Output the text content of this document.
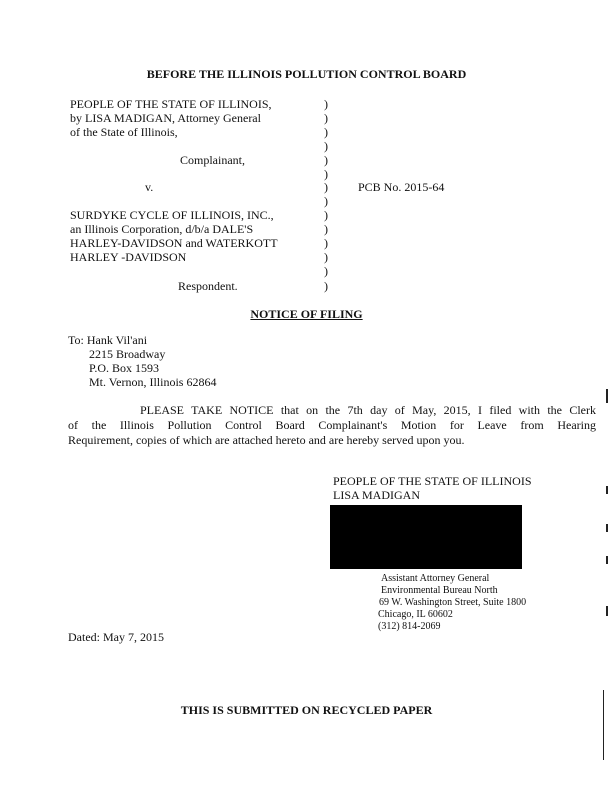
BEFORE THE ILLINOIS POLLUTION CONTROL BOARD
PEOPLE OF THE STATE OF ILLINOIS,
by LISA MADIGAN, Attorney General
of the State of Illinois,
Complainant,
v.
SURDYKE CYCLE OF ILLINOIS, INC.,
an Illinois Corporation, d/b/a DALE'S
HARLEY-DAVIDSON and WATERKOTT
HARLEY -DAVIDSON
Respondent.
)
)
)
)
)
)
)
)
)
)
)
)
)
)
PCB No. 2015-64
NOTICE OF FILING
To: Hank Vil'ani
2215 Broadway
P.O. Box 1593
Mt. Vernon, Illinois 62864
PLEASE TAKE NOTICE that on the 7th day of May, 2015, I filed with the Clerk
of the Illinois Pollution Control Board Complainant's Motion for Leave from Hearing
Requirement, copies of which are attached hereto and are hereby served upon you.
PEOPLE OF THE STATE OF ILLINOIS
LISA MADIGAN
Assistant Attorney General
Environmental Bureau North
69 W. Washington Street, Suite 1800
Chicago, IL 60602
(312) 814-2069
Dated: May 7, 2015
THIS IS SUBMITTED ON RECYCLED PAPER
